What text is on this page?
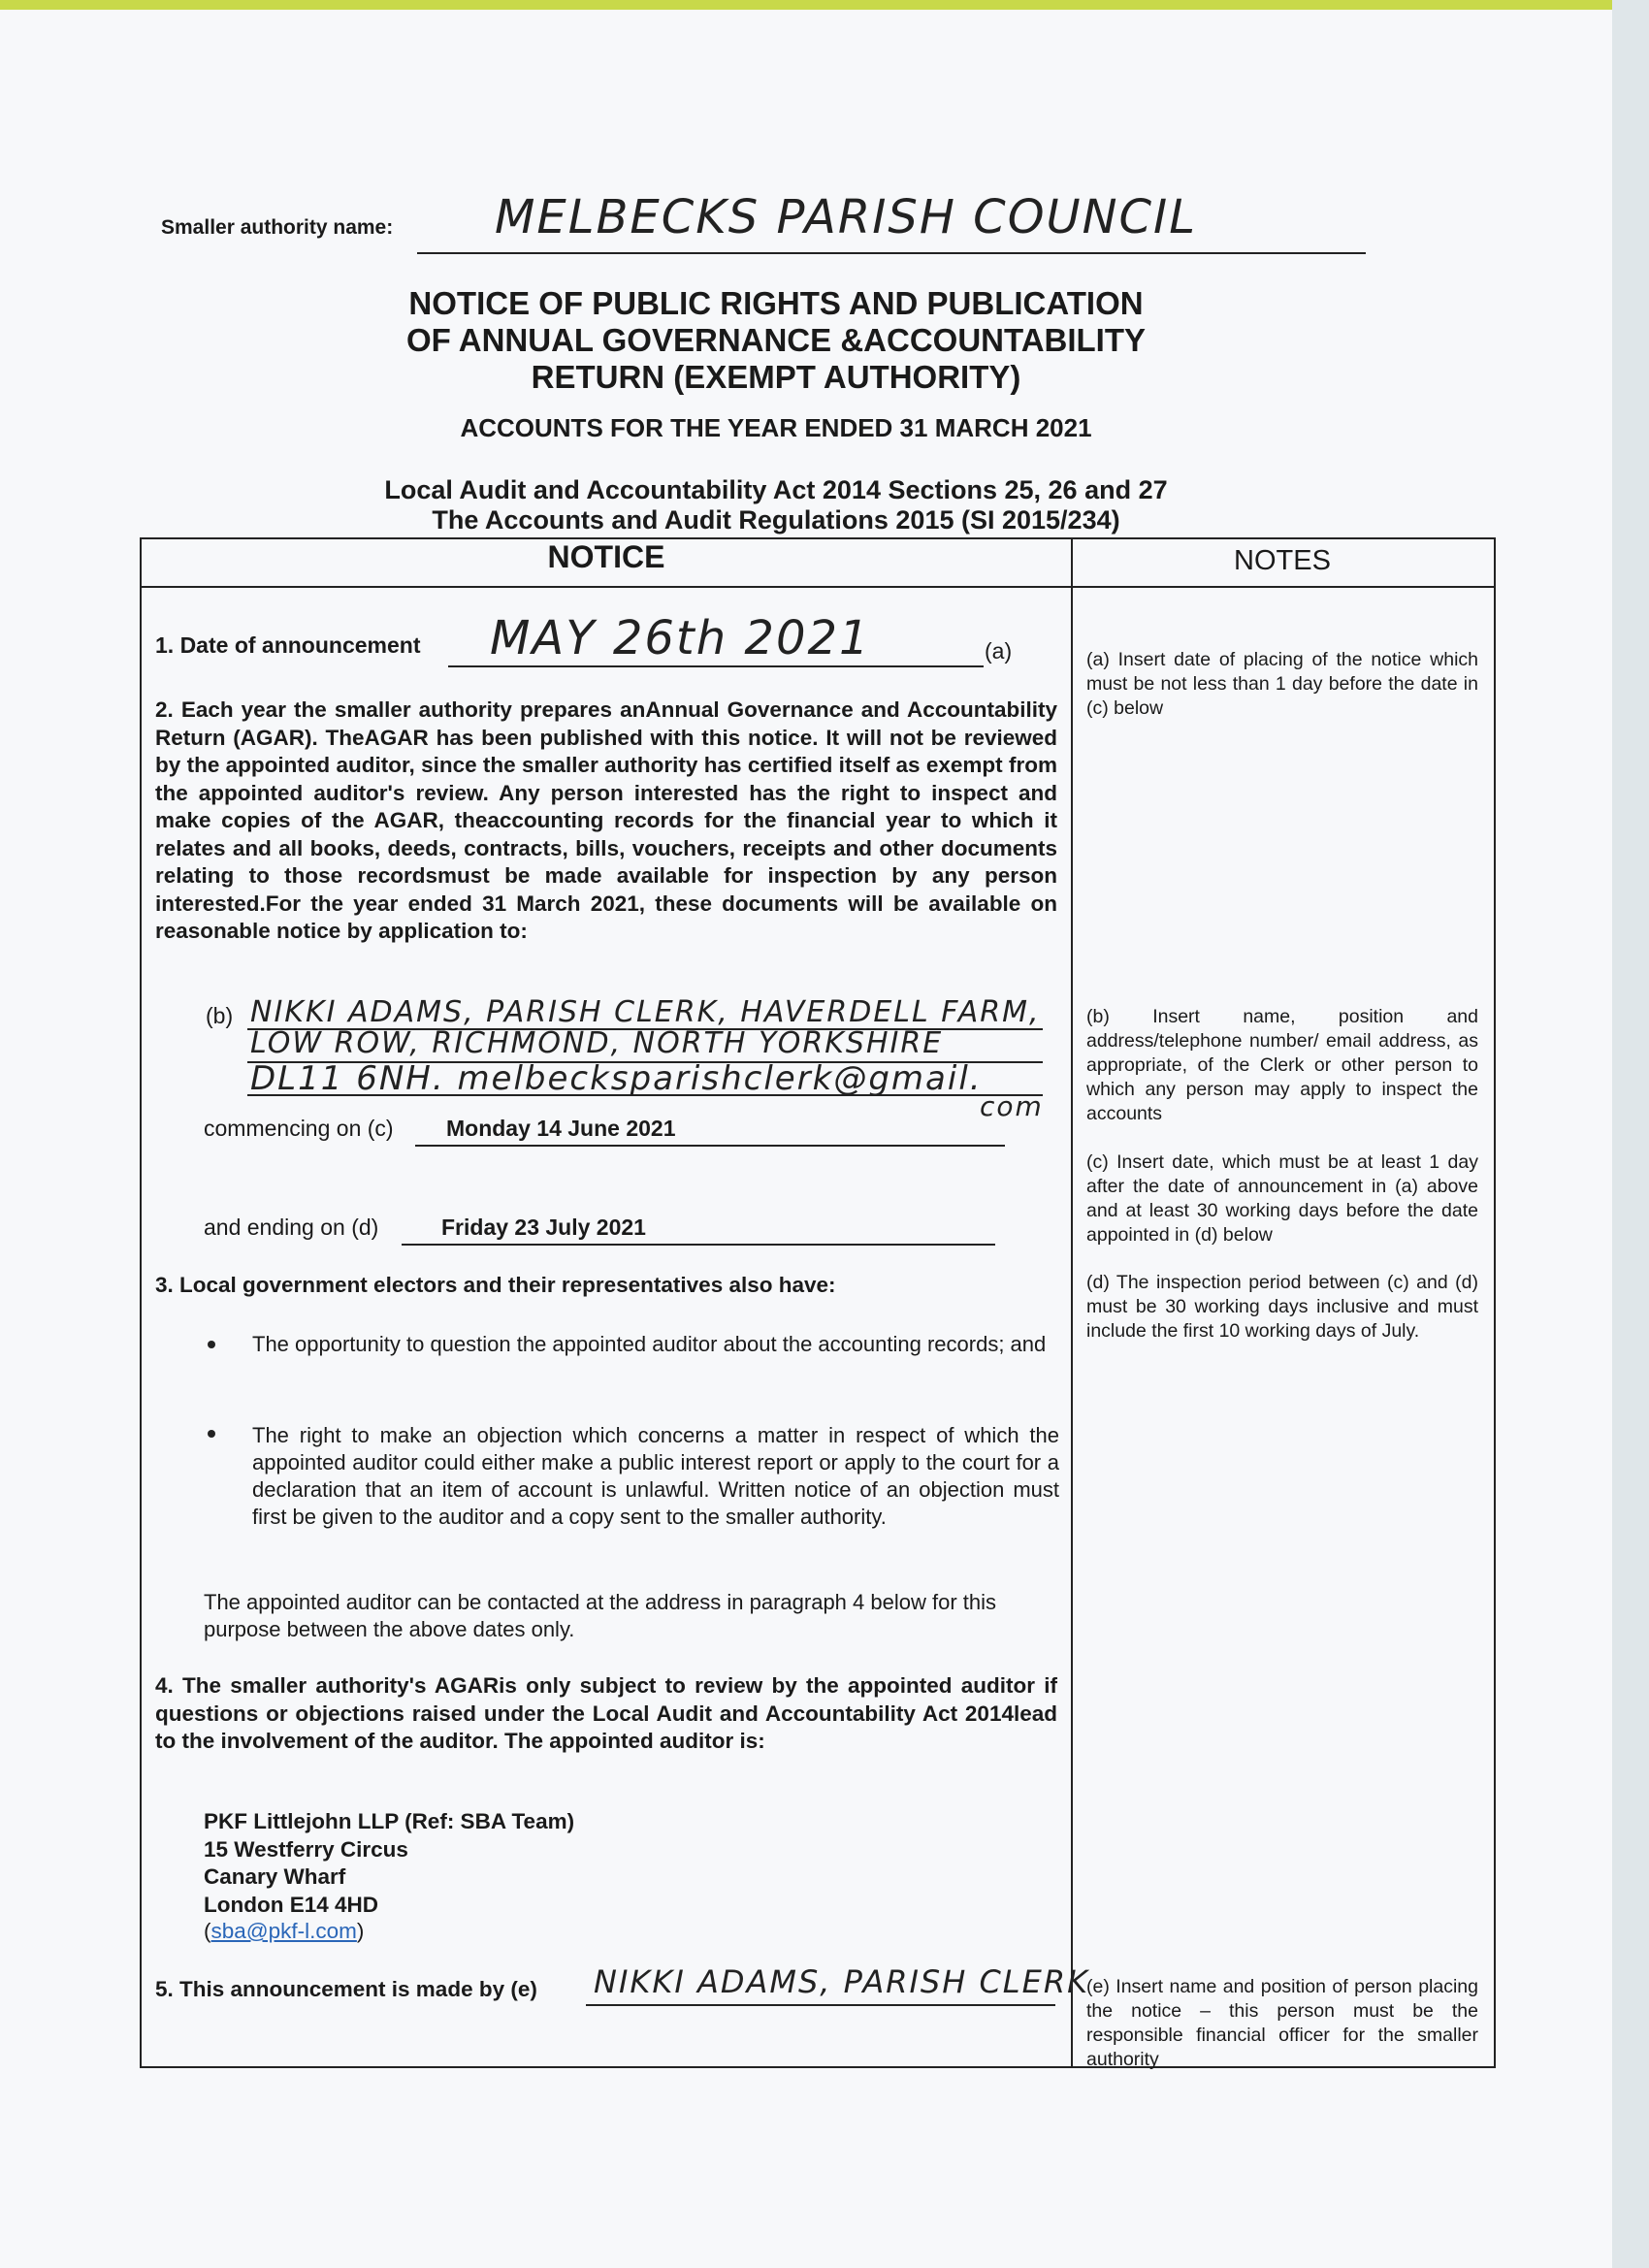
Smaller authority name: MELBECKS PARISH COUNCIL
NOTICE OF PUBLIC RIGHTS AND PUBLICATION
OF ANNUAL GOVERNANCE &ACCOUNTABILITY
RETURN (EXEMPT AUTHORITY)
ACCOUNTS FOR THE YEAR ENDED 31 MARCH 2021
Local Audit and Accountability Act 2014 Sections 25, 26 and 27
The Accounts and Audit Regulations 2015 (SI 2015/234)
NOTICE	NOTES
1. Date of announcement MAY 26th 2021	(a)

2. Each year the smaller authority prepares anAnnual Governance and Accountability Return (AGAR). TheAGAR has been published with this notice. It will not be reviewed by the appointed auditor, since the smaller authority has certified itself as exempt from the appointed auditor's review. Any person interested has the right to inspect and make copies of the AGAR, theaccounting records for the financial year to which it relates and all books, deeds, contracts, bills, vouchers, receipts and other documents relating to those recordsmust be made available for inspection by any person interested.For the year ended 31 March 2021, these documents will be available on reasonable notice by application to:

(b) NIKKI ADAMS, PARISH CLERK, HAVERDELL FARM,
LOW ROW, RICHMOND, NORTH YORKSHIRE
DL11 6NH. melbecksparishclerk@gmail.
com
commencing on (c) Monday 14 June 2021
and ending on (d)	Friday 23 July 2021
3. Local government electors and their representatives also have:

The opportunity to question the appointed auditor about the accounting records; and

The right to make an objection which concerns a matter in respect of which the appointed auditor could either make a public interest report or apply to the court for a declaration that an item of account is unlawful. Written notice of an objection must first be given to the auditor and a copy sent to the smaller authority.

The appointed auditor can be contacted at the address in paragraph 4 below for this purpose between the above dates only.

4. The smaller authority's AGARis only subject to review by the appointed auditor if questions or objections raised under the Local Audit and Accountability Act 2014lead to the involvement of the auditor. The appointed auditor is:

PKF Littlejohn LLP (Ref: SBA Team)
15 Westferry Circus
Canary Wharf
London E14 4HD
(sba@pkf-l.com)
5. This announcement is made by (e) NIKKI ADAMS, PARISH CLERK

(a) Insert date of placing of the notice which must be not less than 1 day before the date in (c) below

(b) Insert name, position and address/telephone number/ email address, as appropriate, of the Clerk or other person to which any person may apply to inspect the accounts

(c) Insert date, which must be at least 1 day after the date of announcement in (a) above and at least 30 working days before the date appointed in (d) below

(d) The inspection period between (c) and (d) must be 30 working days inclusive and must include the first 10 working days of July.

(e) Insert name and position of person placing the notice – this person must be the responsible financial officer for the smaller authority
